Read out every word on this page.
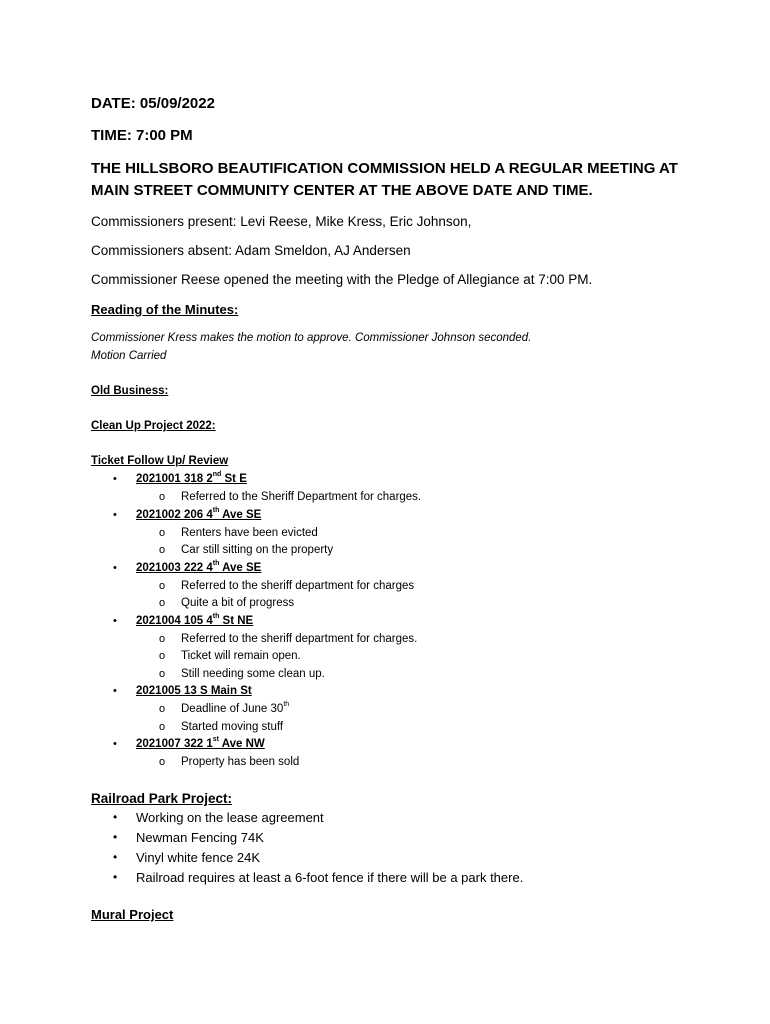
DATE: 05/09/2022
TIME: 7:00 PM
THE HILLSBORO BEAUTIFICATION COMMISSION HELD A REGULAR MEETING AT
MAIN STREET COMMUNITY CENTER AT THE ABOVE DATE AND TIME.
Commissioners present: Levi Reese, Mike Kress, Eric Johnson,
Commissioners absent: Adam Smeldon, AJ Andersen
Commissioner Reese opened the meeting with the Pledge of Allegiance at 7:00 PM.
Reading of the Minutes:
Commissioner Kress makes the motion to approve. Commissioner Johnson seconded.
Motion Carried
Old Business:
Clean Up Project 2022:
Ticket Follow Up/ Review
• 2021001 318 2nd St E
o Referred to the Sheriff Department for charges.
• 2021002 206 4th Ave SE
o Renters have been evicted
o Car still sitting on the property
• 2021003 222 4th Ave SE
o Referred to the sheriff department for charges
o Quite a bit of progress
• 2021004 105 4th St NE
o Referred to the sheriff department for charges.
o Ticket will remain open.
o Still needing some clean up.
• 2021005 13 S Main St
o Deadline of June 30th
o Started moving stuff
• 2021007 322 1st Ave NW
o Property has been sold
Railroad Park Project:
• Working on the lease agreement
• Newman Fencing 74K
• Vinyl white fence 24K
• Railroad requires at least a 6-foot fence if there will be a park there.
Mural Project
